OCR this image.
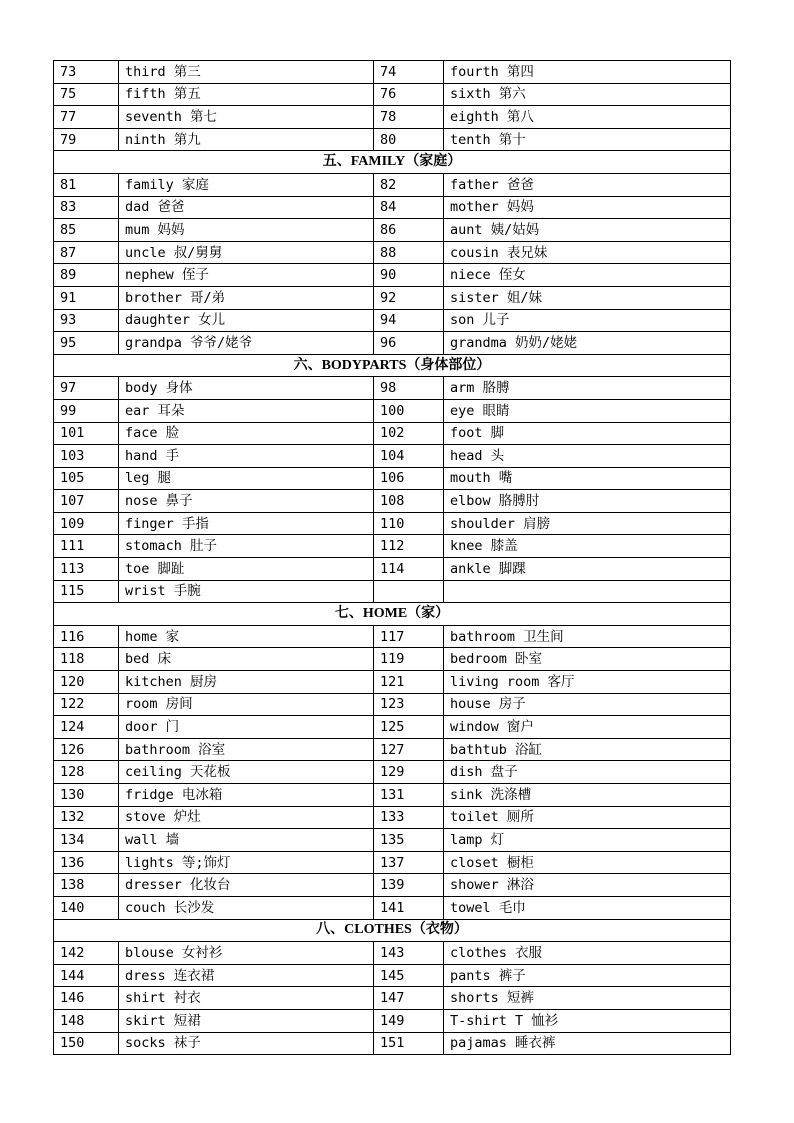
73	third 第三	74	fourth 第四
75	fifth 第五	76	sixth 第六
77	seventh 第七	78	eighth 第八
79	ninth 第九	80	tenth 第十
五、FAMILY（家庭）			
81	family 家庭	82	father 爸爸
83	dad 爸爸	84	mother 妈妈
85	mum 妈妈	86	aunt 姨/姑妈
87	uncle 叔/舅舅	88	cousin 表兄妹
89	nephew 侄子	90	niece 侄女
91	brother 哥/弟	92	sister 姐/妹
93	daughter 女儿	94	son 儿子
95	grandpa 爷爷/姥爷	96	grandma 奶奶/姥姥
六、BODYPARTS（身体部位）			
97	body 身体	98	arm 胳膊
99	ear 耳朵	100	eye 眼睛
101	face 脸	102	foot 脚
103	hand 手	104	head 头
105	leg 腿	106	mouth 嘴
107	nose 鼻子	108	elbow 胳膊肘
109	finger 手指	110	shoulder 肩膀
111	stomach 肚子	112	knee 膝盖
113	toe 脚趾	114	ankle 脚踝
115	wrist 手腕		
七、HOME（家）			
116	home 家	117	bathroom 卫生间
118	bed 床	119	bedroom 卧室
120	kitchen 厨房	121	living room 客厅
122	room 房间	123	house 房子
124	door 门	125	window 窗户
126	bathroom 浴室	127	bathtub 浴缸
128	ceiling 天花板	129	dish 盘子
130	fridge 电冰箱	131	sink 洗涤槽
132	stove 炉灶	133	toilet 厕所
134	wall 墙	135	lamp 灯
136	lights 等;饰灯	137	closet 橱柜
138	dresser 化妆台	139	shower 淋浴
140	couch 长沙发	141	towel 毛巾
八、CLOTHES（衣物）			
142	blouse 女衬衫	143	clothes 衣服
144	dress 连衣裙	145	pants 裤子
146	shirt 衬衣	147	shorts 短裤
148	skirt 短裙	149	T-shirt T 恤衫
150	socks 袜子	151	pajamas 睡衣裤
